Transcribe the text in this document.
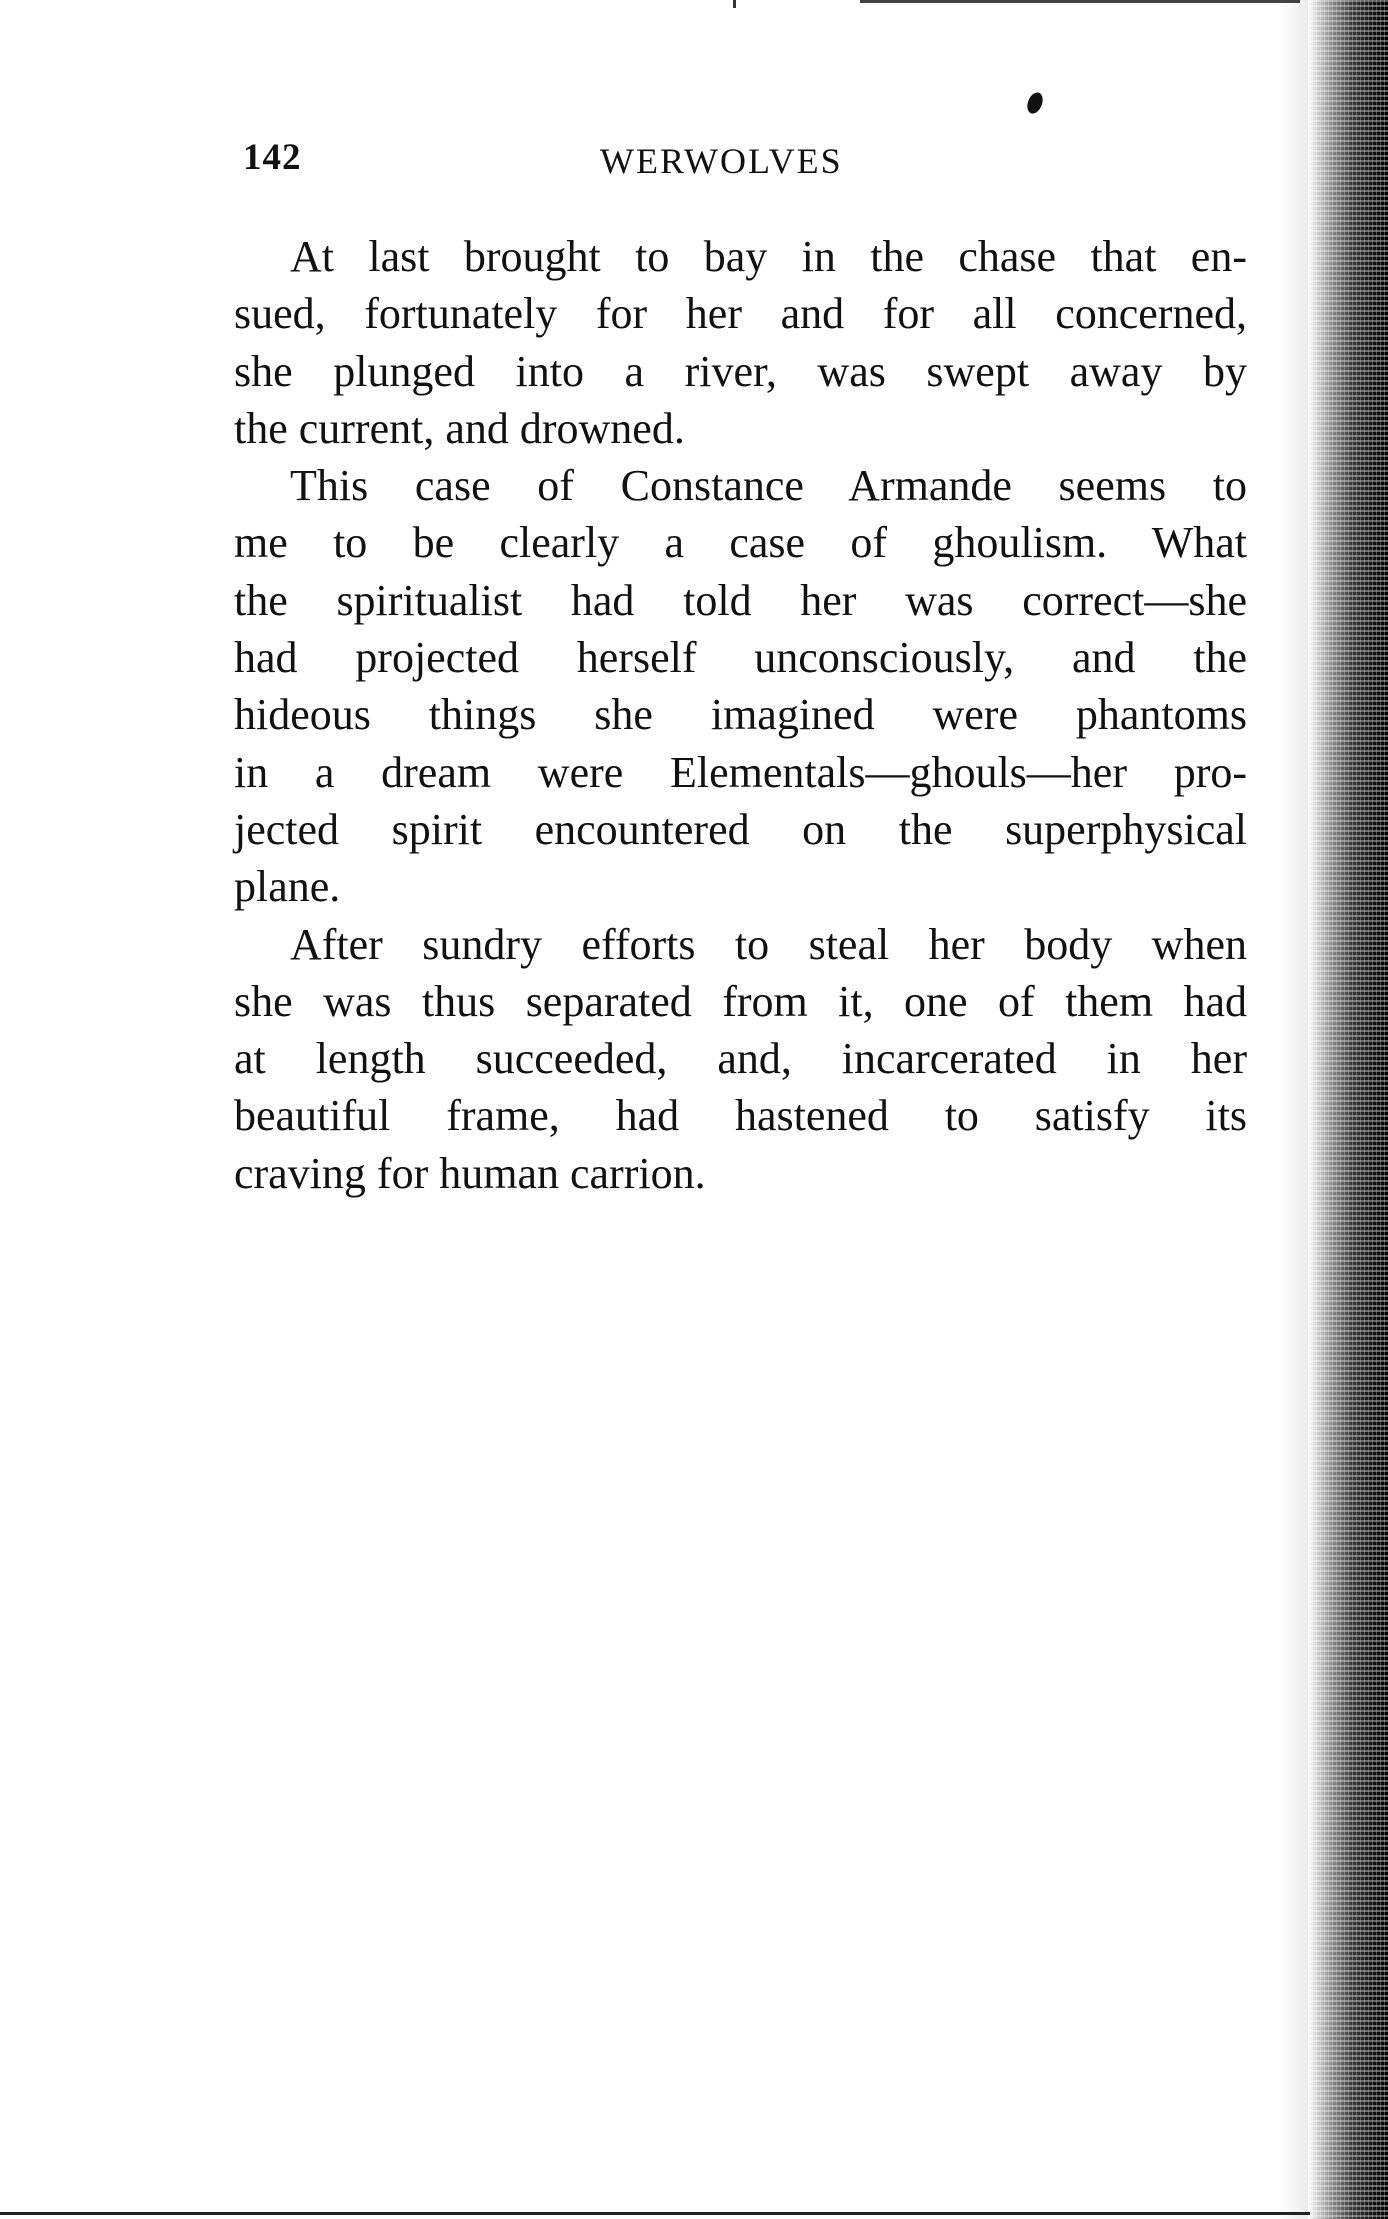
142	WERWOLVES
At last brought to bay in the chase that en-
sued, fortunately for her and for all concerned,
she plunged into a river, was swept away by
the current, and drowned.
This case of Constance Armande seems to
me to be clearly a case of ghoulism. What
the spiritualist had told her was correct—she
had projected herself unconsciously, and the
hideous things she imagined were phantoms
in a dream were Elementals—ghouls—her pro-
jected spirit encountered on the superphysical
plane.
After sundry efforts to steal her body when
she was thus separated from it, one of them had
at length succeeded, and, incarcerated in her
beautiful frame, had hastened to satisfy its
craving for human carrion.
